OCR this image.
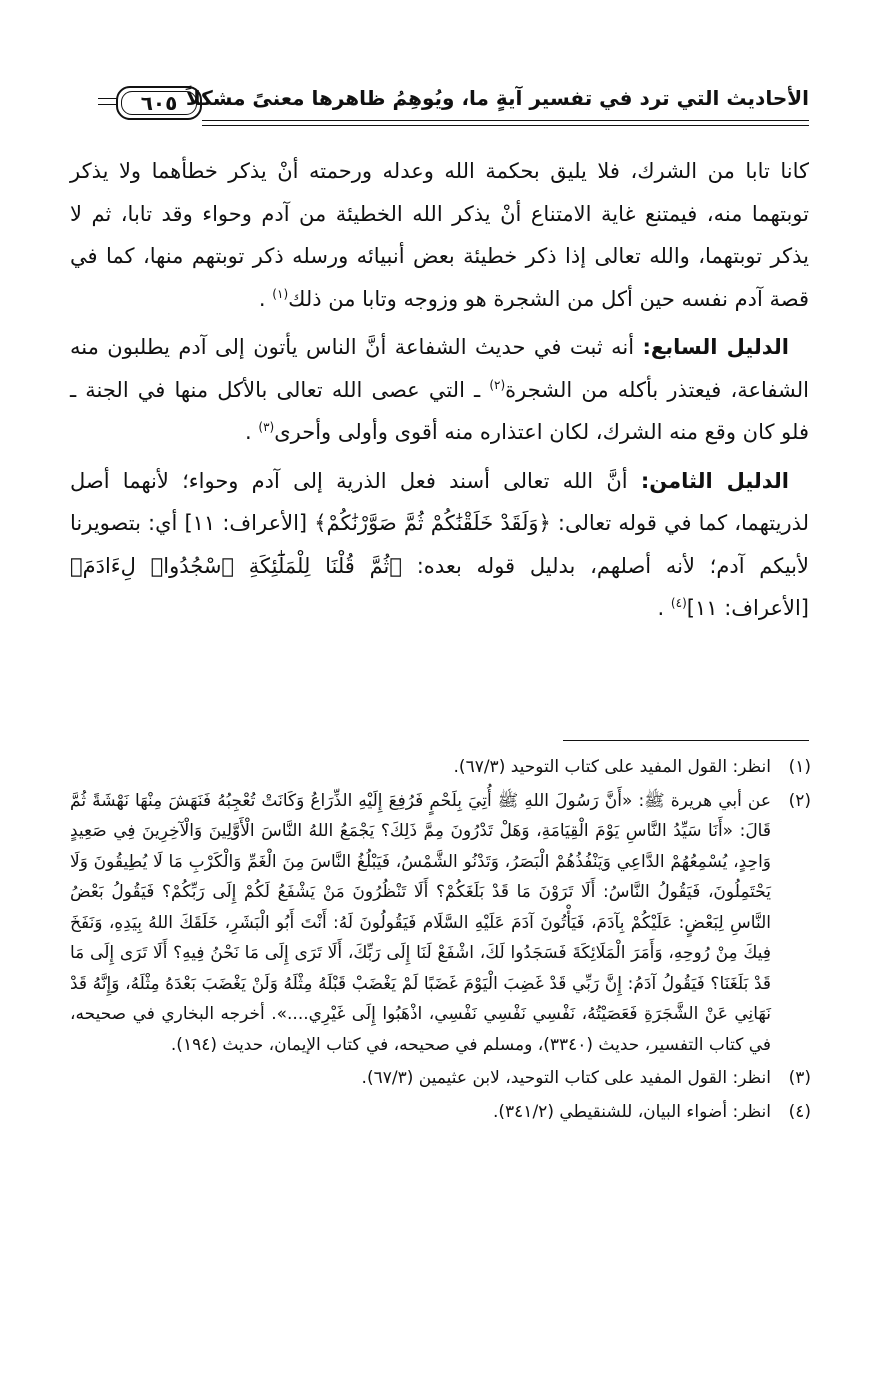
الأحاديث التي ترد في تفسير آيةٍ ما، ويُوهِمُ ظاهرها معنىً مشكلاً
٦٠٥

كانا تابا من الشرك، فلا يليق بحكمة الله وعدله ورحمته أنْ يذكر خطأهما ولا يذكر توبتهما منه، فيمتنع غاية الامتناع أنْ يذكر الله الخطيئة من آدم وحواء وقد تابا، ثم لا يذكر توبتهما، والله تعالى إذا ذكر خطيئة بعض أنبيائه ورسله ذكر توبتهم منها، كما في قصة آدم نفسه حين أكل من الشجرة هو وزوجه وتابا من ذلك$^{(١)}$ .

الدليل السابع: أنه ثبت في حديث الشفاعة أنَّ الناس يأتون إلى آدم يطلبون منه الشفاعة، فيعتذر بأكله من الشجرة$^{(٢)}$ ـ التي عصى الله تعالى بالأكل منها في الجنة ـ فلو كان وقع منه الشرك، لكان اعتذاره منه أقوى وأولى وأحرى$^{(٣)}$ .

الدليل الثامن: أنَّ الله تعالى أسند فعل الذرية إلى آدم وحواء؛ لأنهما أصل لذريتهما، كما في قوله تعالى: ﴿وَلَقَدْ خَلَقْنَٰكُمْ ثُمَّ صَوَّرْنَٰكُمْ﴾ [الأعراف: ١١] أي: بتصويرنا لأبيكم آدم؛ لأنه أصلهم، بدليل قوله بعده: ﴿ثُمَّ قُلْنَا لِلْمَلَٰٓئِكَةِ ٱسْجُدُوا۟ لِءَادَمَ﴾ [الأعراف: ١١]$^{(٤)}$ .

(١)
انظر: القول المفيد على كتاب التوحيد (٦٧/٣).
(٢)
عن أبي هريرة ﷺ: «أَنَّ رَسُولَ اللهِ ﷺ أُتِيَ بِلَحْمٍ فَرُفِعَ إِلَيْهِ الذِّرَاعُ وَكَانَتْ تُعْجِبُهُ فَنَهَشَ مِنْهَا نَهْشَةً ثُمَّ قَالَ: «أَنَا سَيِّدُ النَّاسِ يَوْمَ الْقِيَامَةِ، وَهَلْ تَدْرُونَ مِمَّ ذَلِكَ؟ يَجْمَعُ اللهُ النَّاسَ الْأَوَّلِينَ وَالْآخِرِينَ فِي صَعِيدٍ وَاحِدٍ، يُسْمِعُهُمْ الدَّاعِي وَيَنْفُذُهُمْ الْبَصَرُ، وَتَدْنُو الشَّمْسُ، فَيَبْلُغُ النَّاسَ مِنَ الْغَمِّ وَالْكَرْبِ مَا لَا يُطِيقُونَ وَلَا يَحْتَمِلُونَ، فَيَقُولُ النَّاسُ: أَلَا تَرَوْنَ مَا قَدْ بَلَغَكُمْ؟ أَلَا تَنْظُرُونَ مَنْ يَشْفَعُ لَكُمْ إِلَى رَبِّكُمْ؟ فَيَقُولُ بَعْضُ النَّاسِ لِبَعْضٍ: عَلَيْكُمْ بِآدَمَ، فَيَأْتُونَ آدَمَ عَلَيْهِ السَّلَام فَيَقُولُونَ لَهُ: أَنْتَ أَبُو الْبَشَرِ، خَلَقَكَ اللهُ بِيَدِهِ، وَنَفَخَ فِيكَ مِنْ رُوحِهِ، وَأَمَرَ الْمَلَائِكَةَ فَسَجَدُوا لَكَ، اشْفَعْ لَنَا إِلَى رَبِّكَ، أَلَا تَرَى إِلَى مَا نَحْنُ فِيهِ؟ أَلَا تَرَى إِلَى مَا قَدْ بَلَغَنَا؟ فَيَقُولُ آدَمُ: إِنَّ رَبِّي قَدْ غَضِبَ الْيَوْمَ غَضَبًا لَمْ يَغْضَبْ قَبْلَهُ مِثْلَهُ وَلَنْ يَغْضَبَ بَعْدَهُ مِثْلَهُ، وَإِنَّهُ قَدْ نَهَانِي عَنْ الشَّجَرَةِ فَعَصَيْتُهُ، نَفْسِي نَفْسِي نَفْسِي، اذْهَبُوا إِلَى غَيْرِي....». أخرجه البخاري في صحيحه، في كتاب التفسير، حديث (٣٣٤٠)، ومسلم في صحيحه، في كتاب الإيمان، حديث (١٩٤).
(٣)
انظر: القول المفيد على كتاب التوحيد، لابن عثيمين (٦٧/٣).
(٤)
انظر: أضواء البيان، للشنقيطي (٣٤١/٢).
